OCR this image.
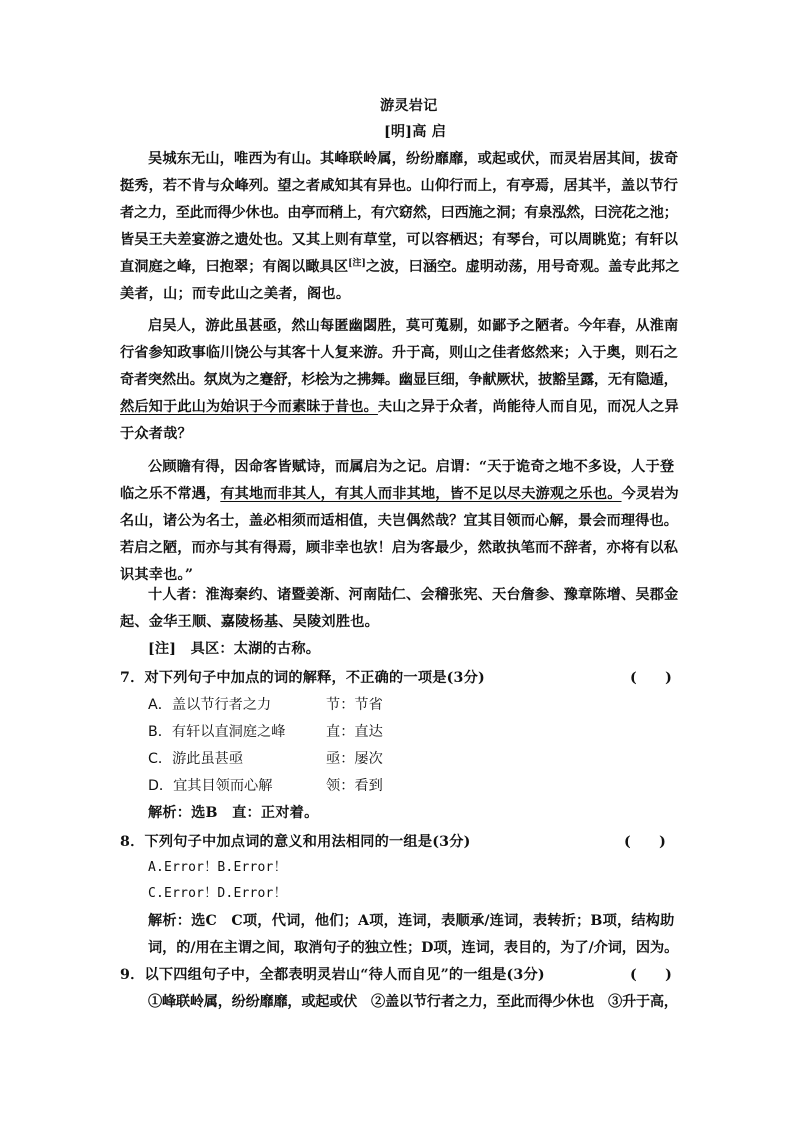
游灵岩记
[明]高 启
吴城东无山，唯西为有山。其峰联岭属，纷纷靡靡，或起或伏，而灵岩居其间，拔奇
挺秀，若不肯与众峰列。望之者咸知其有异也。山仰行而上，有亭焉，居其半，盖以节行
者之力，至此而得少休也。由亭而稍上，有穴窈然，曰西施之洞；有泉泓然，曰浣花之池；
皆吴王夫差宴游之遗处也。又其上则有草堂，可以容栖迟；有琴台，可以周眺览；有轩以
直洞庭之峰，曰抱翠；有阁以瞰具区[注]之波，曰涵空。虚明动荡，用号奇观。盖专此邦之
美者，山；而专此山之美者，阁也。
启吴人，游此虽甚亟，然山每匿幽閟胜，莫可蒐剔，如鄙予之陋者。今年春，从淮南
行省参知政事临川饶公与其客十人复来游。升于高，则山之佳者悠然来；入于奥，则石之
奇者突然出。氛岚为之蹇舒，杉桧为之拂舞。幽显巨细，争献厥状，披豁呈露，无有隐遁，
然后知于此山为始识于今而素昧于昔也。夫山之异于众者，尚能待人而自见，而况人之异
于众者哉？
公顾瞻有得，因命客皆赋诗，而属启为之记。启谓：“天于诡奇之地不多设，人于登
临之乐不常遇，有其地而非其人，有其人而非其地，皆不足以尽夫游观之乐也。今灵岩为
名山，诸公为名士，盖必相须而适相值，夫岂偶然哉？宜其目领而心解，景会而理得也。
若启之陋，而亦与其有得焉，顾非幸也欤！启为客最少，然敢执笔而不辞者，亦将有以私
识其幸也。”
十人者：淮海秦约、诸暨姜渐、河南陆仁、会稽张宪、天台詹参、豫章陈增、吴郡金
起、金华王顺、嘉陵杨基、吴陵刘胜也。
[注]　具区：太湖的古称。
7．对下列句子中加点的词的解释，不正确的一项是(3分)	(　　)
A．盖以节行者之力	节：节省
B．有轩以直洞庭之峰	直：直达
C．游此虽甚亟	亟：屡次
D．宜其目领而心解	领：看到
解析：选B　直：正对着。
8．下列句子中加点词的意义和用法相同的一组是(3分)	(　　)
A.Error！B.Error！
C.Error！D.Error！
解析：选C　C项，代词，他们；A项，连词，表顺承/连词，表转折；B项，结构助
词，的/用在主谓之间，取消句子的独立性；D项，连词，表目的，为了/介词，因为。
9．以下四组句子中，全都表明灵岩山“待人而自见”的一组是(3分)	(　　)
①峰联岭属，纷纷靡靡，或起或伏　②盖以节行者之力，至此而得少休也　③升于高，
